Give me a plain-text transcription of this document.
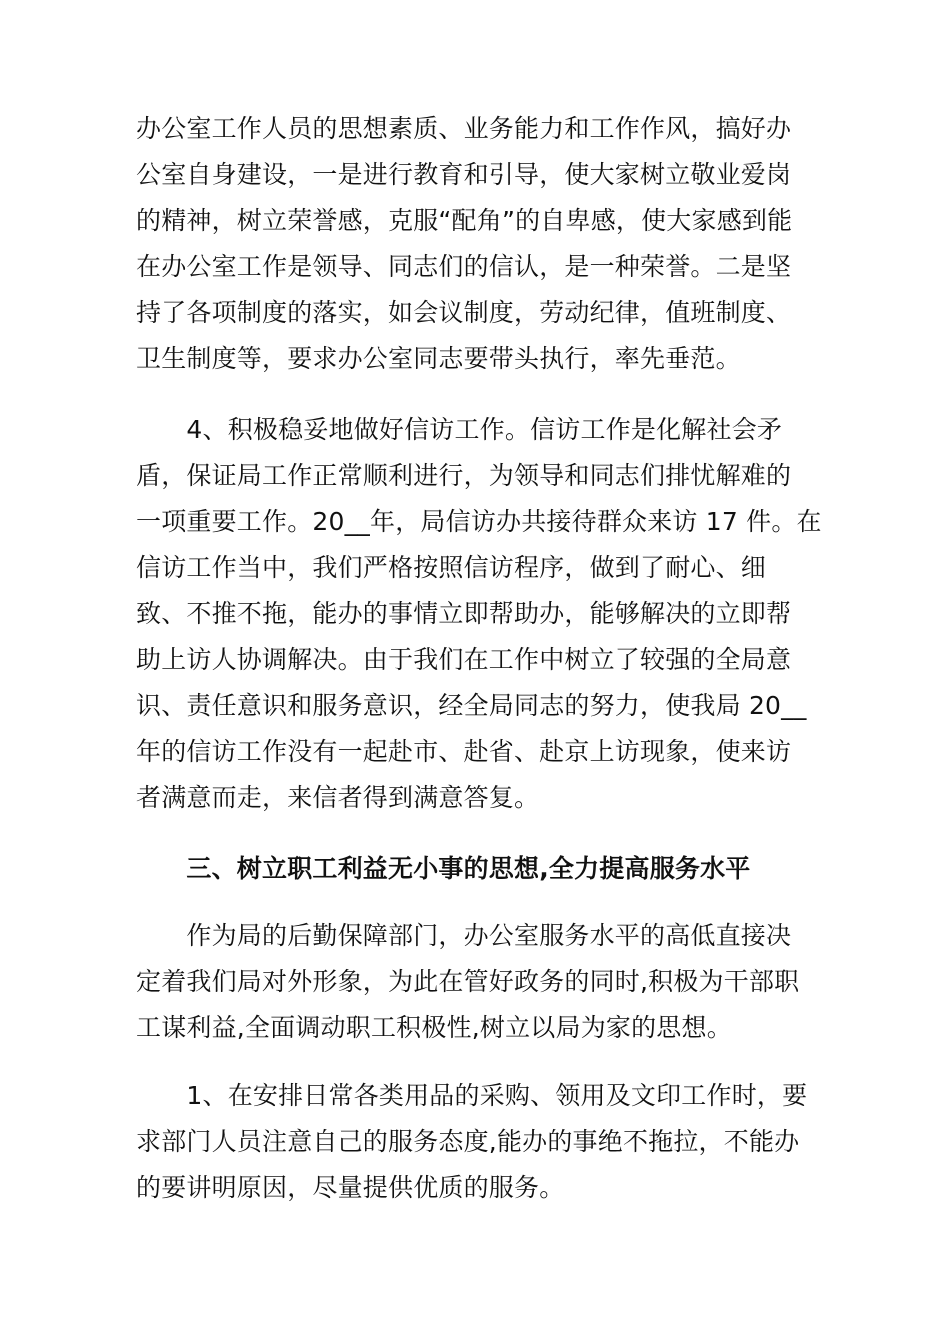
办公室工作人员的思想素质、业务能力和工作作风，搞好办
公室自身建设，一是进行教育和引导，使大家树立敬业爱岗
的精神，树立荣誉感，克服“配角”的自卑感，使大家感到能
在办公室工作是领导、同志们的信认，是一种荣誉。二是坚
持了各项制度的落实，如会议制度，劳动纪律，值班制度、
卫生制度等，要求办公室同志要带头执行，率先垂范。
　　4、积极稳妥地做好信访工作。信访工作是化解社会矛
盾，保证局工作正常顺利进行，为领导和同志们排忧解难的
一项重要工作。20__年，局信访办共接待群众来访 17 件。在
信访工作当中，我们严格按照信访程序，做到了耐心、细
致、不推不拖，能办的事情立即帮助办，能够解决的立即帮
助上访人协调解决。由于我们在工作中树立了较强的全局意
识、责任意识和服务意识，经全局同志的努力，使我局 20__
年的信访工作没有一起赴市、赴省、赴京上访现象，使来访
者满意而走，来信者得到满意答复。
　　三、树立职工利益无小事的思想,全力提高服务水平
　　作为局的后勤保障部门，办公室服务水平的高低直接决
定着我们局对外形象，为此在管好政务的同时,积极为干部职
工谋利益,全面调动职工积极性,树立以局为家的思想。
　　1、在安排日常各类用品的采购、领用及文印工作时，要
求部门人员注意自己的服务态度,能办的事绝不拖拉，不能办
的要讲明原因，尽量提供优质的服务。
